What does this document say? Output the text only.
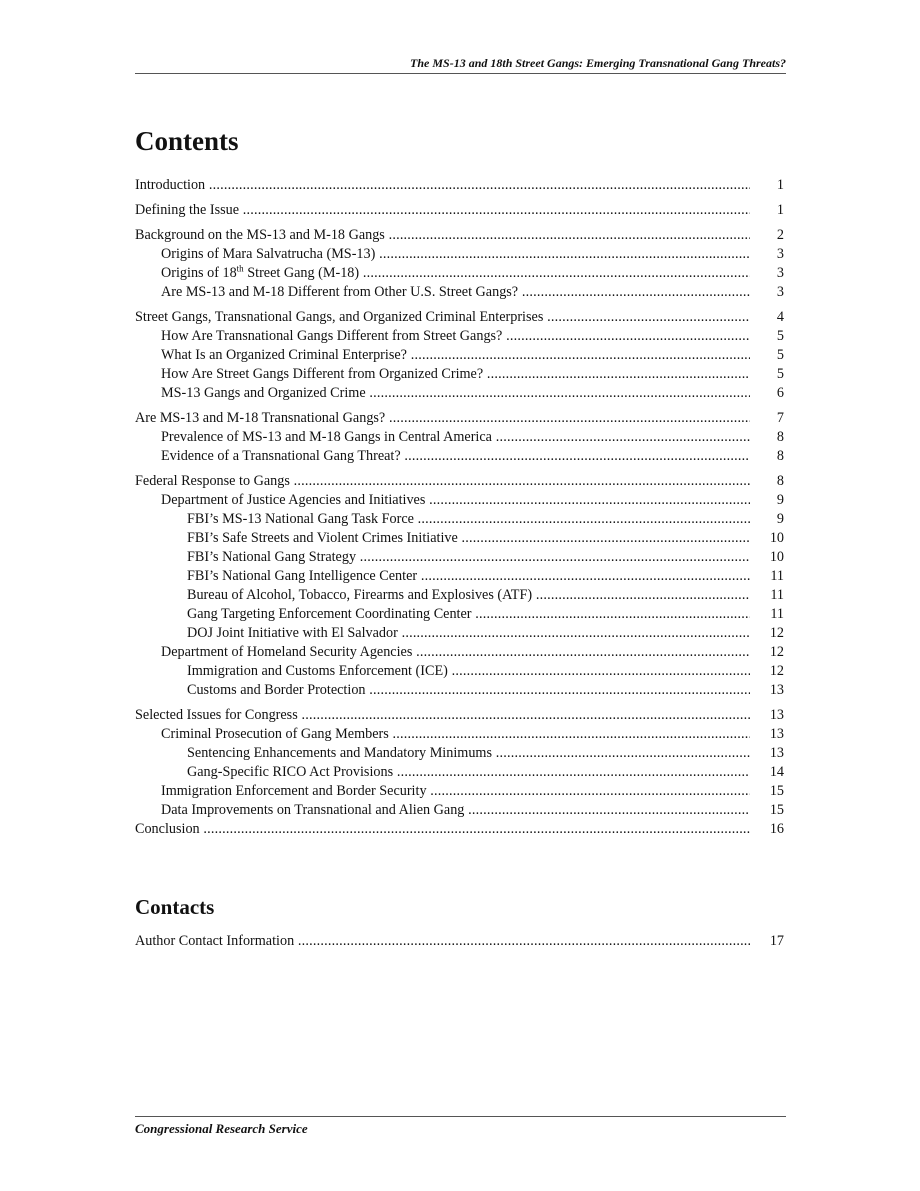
The MS-13 and 18th Street Gangs: Emerging Transnational Gang Threats?
Contents
Introduction .....	1
Defining the Issue .....	1
Background on the MS-13 and M-18 Gangs .....	2
Origins of Mara Salvatrucha (MS-13) .....	3
Origins of 18th Street Gang (M-18) .....	3
Are MS-13 and M-18 Different from Other U.S. Street Gangs? .....	3
Street Gangs, Transnational Gangs, and Organized Criminal Enterprises .....	4
How Are Transnational Gangs Different from Street Gangs? .....	5
What Is an Organized Criminal Enterprise? .....	5
How Are Street Gangs Different from Organized Crime? .....	5
MS-13 Gangs and Organized Crime .....	6
Are MS-13 and M-18 Transnational Gangs? .....	7
Prevalence of MS-13 and M-18 Gangs in Central America .....	8
Evidence of a Transnational Gang Threat? .....	8
Federal Response to Gangs .....	8
Department of Justice Agencies and Initiatives .....	9
FBI’s MS-13 National Gang Task Force .....	9
FBI’s Safe Streets and Violent Crimes Initiative .....	10
FBI’s National Gang Strategy .....	10
FBI’s National Gang Intelligence Center .....	11
Bureau of Alcohol, Tobacco, Firearms and Explosives (ATF) .....	11
Gang Targeting Enforcement Coordinating Center .....	11
DOJ Joint Initiative with El Salvador .....	12
Department of Homeland Security Agencies .....	12
Immigration and Customs Enforcement (ICE) .....	12
Customs and Border Protection .....	13
Selected Issues for Congress .....	13
Criminal Prosecution of Gang Members .....	13
Sentencing Enhancements and Mandatory Minimums .....	13
Gang-Specific RICO Act Provisions .....	14
Immigration Enforcement and Border Security .....	15
Data Improvements on Transnational and Alien Gang .....	15
Conclusion .....	16
Contacts
Author Contact Information .....	17
Congressional Research Service
